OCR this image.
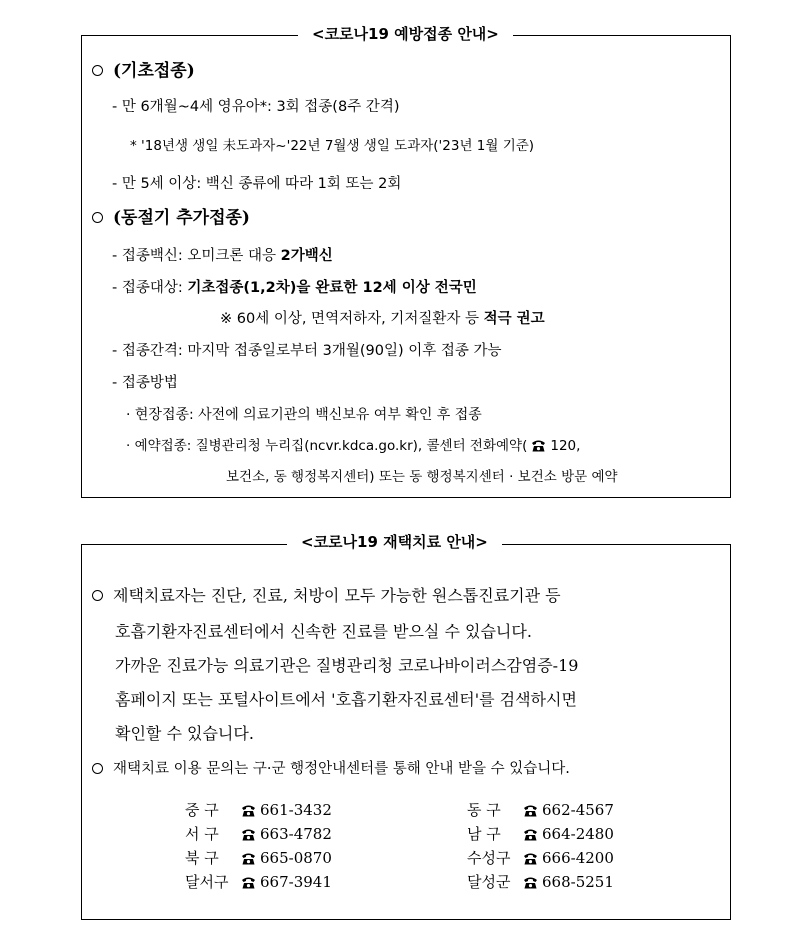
<코로나19 예방접종 안내>
(기초접종)
- 만 6개월~4세 영유아*: 3회 접종(8주 간격)
* '18년생 생일 未도과자~'22년 7월생 생일 도과자('23년 1월 기준)
- 만 5세 이상: 백신 종류에 따라 1회 또는 2회
(동절기 추가접종)
- 접종백신: 오미크론 대응 2가백신
- 접종대상: 기초접종(1,2차)을 완료한 12세 이상 전국민
※ 60세 이상, 면역저하자, 기저질환자 등 적극 권고
- 접종간격: 마지막 접종일로부터 3개월(90일) 이후 접종 가능
- 접종방법
· 현장접종: 사전에 의료기관의 백신보유 여부 확인 후 접종
· 예약접종: 질병관리청 누리집(ncvr.kdca.go.kr), 콜센터 전화예약( 120,
보건소, 동 행정복지센터) 또는 동 행정복지센터 · 보건소 방문 예약
<코로나19 재택치료 안내>
제택치료자는 진단, 진료, 처방이 모두 가능한 원스톱진료기관 등
호흡기환자진료센터에서 신속한 진료를 받으실 수 있습니다.
가까운 진료가능 의료기관은 질병관리청 코로나바이러스감염증-19
홈페이지 또는 포털사이트에서 '호흡기환자진료센터'를 검색하시면
확인할 수 있습니다.
재택치료 이용 문의는 구·군 행정안내센터를 통해 안내 받을 수 있습니다.
중 구	661-3432	동 구	662-4567
서 구	663-4782	남 구	664-2480
북 구	665-0870	수성구 666-4200
달서구 667-3941	달성군 668-5251
